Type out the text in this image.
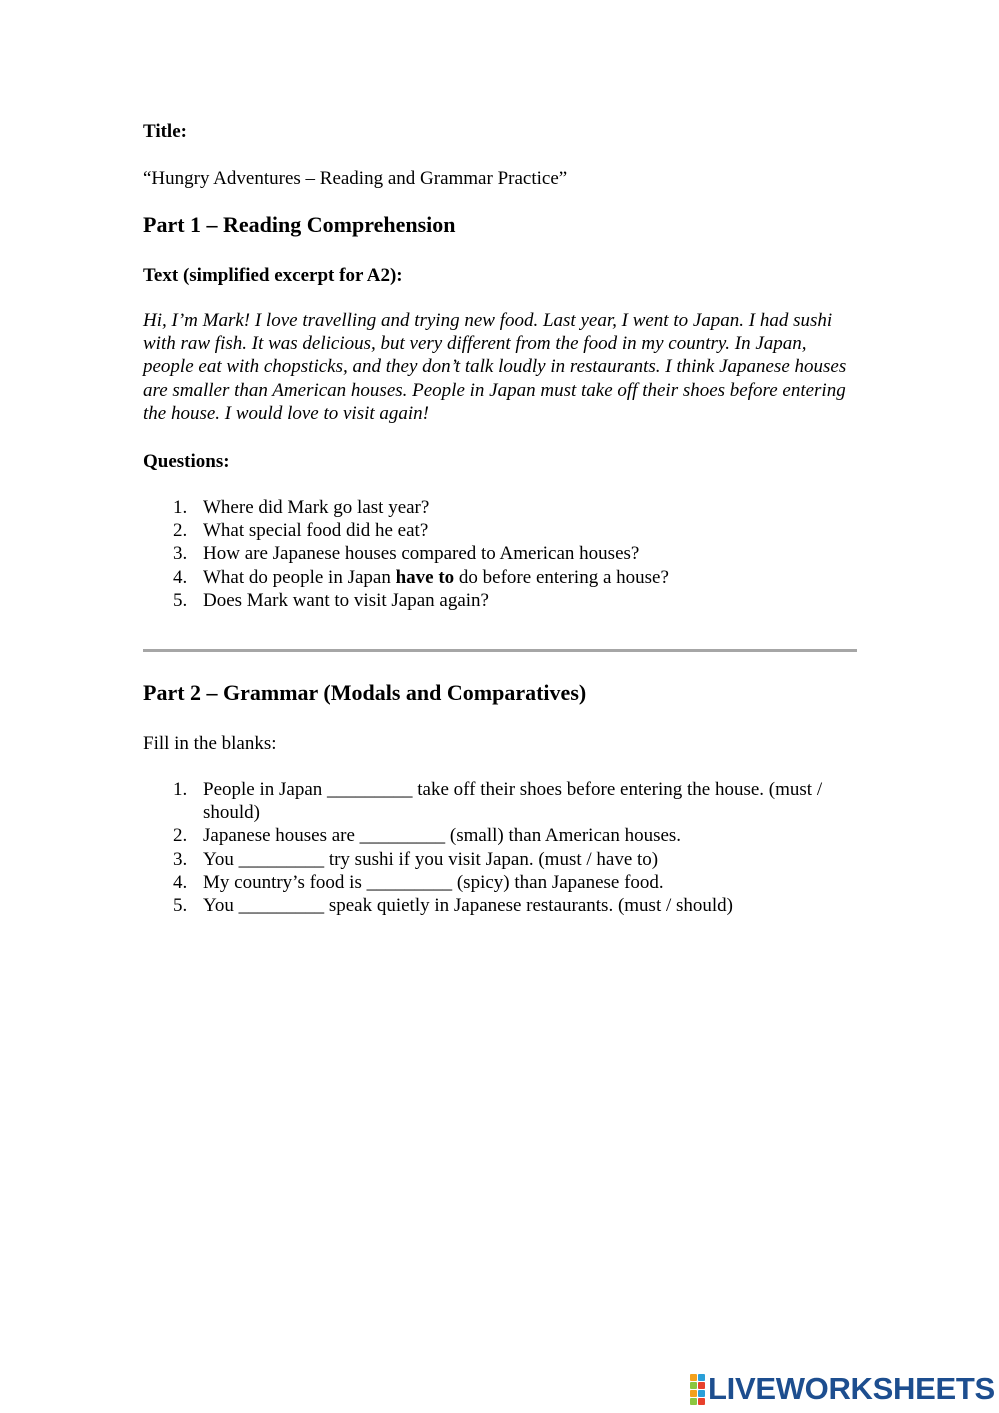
Title:
“Hungry Adventures – Reading and Grammar Practice”
Part 1 – Reading Comprehension
Text (simplified excerpt for A2):
Hi, I’m Mark! I love travelling and trying new food. Last year, I went to Japan. I had sushi with raw fish. It was delicious, but very different from the food in my country. In Japan, people eat with chopsticks, and they don’t talk loudly in restaurants. I think Japanese houses are smaller than American houses. People in Japan must take off their shoes before entering the house. I would love to visit again!
Questions:
1. Where did Mark go last year?
2. What special food did he eat?
3. How are Japanese houses compared to American houses?
4. What do people in Japan have to do before entering a house?
5. Does Mark want to visit Japan again?
Part 2 – Grammar (Modals and Comparatives)
Fill in the blanks:
1. People in Japan _________ take off their shoes before entering the house. (must / should)
2. Japanese houses are _________ (small) than American houses.
3. You _________ try sushi if you visit Japan. (must / have to)
4. My country’s food is _________ (spicy) than Japanese food.
5. You _________ speak quietly in Japanese restaurants. (must / should)
LIVEWORKSHEETS
